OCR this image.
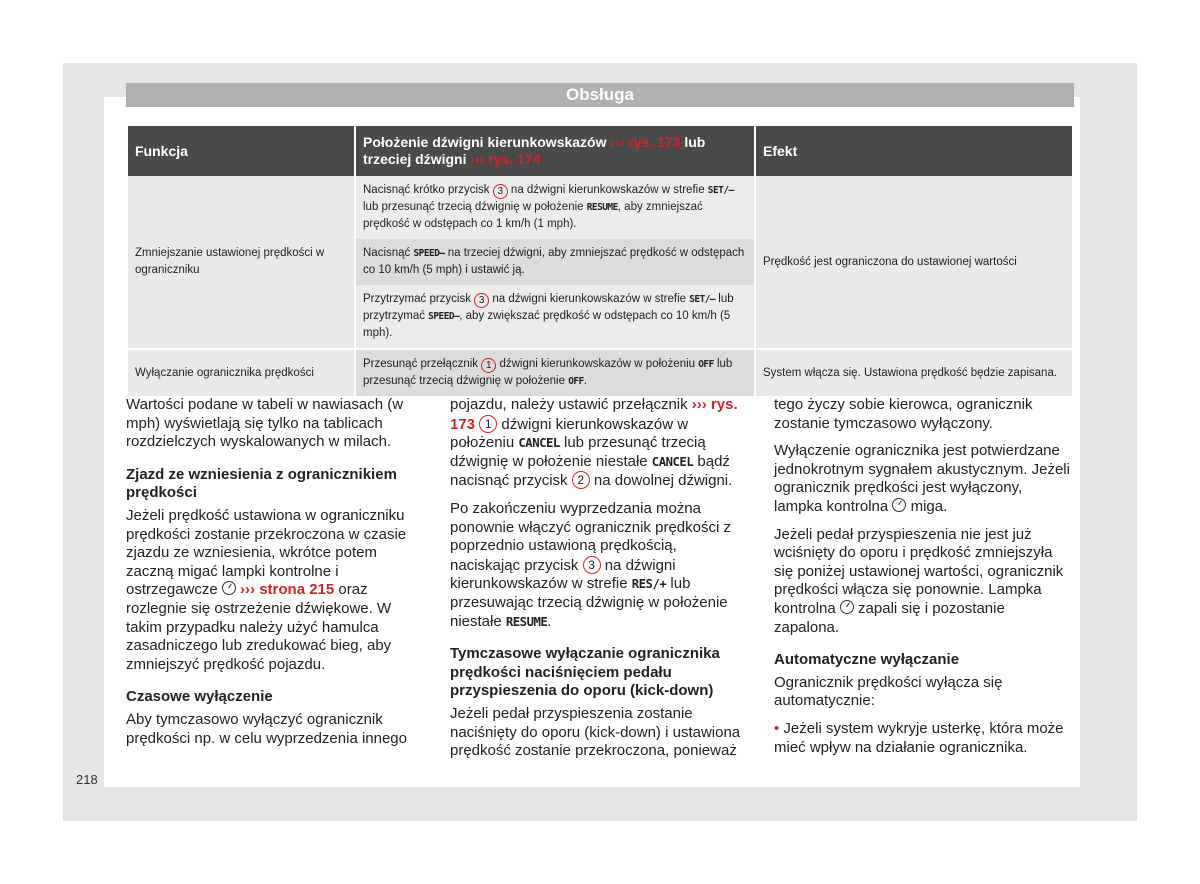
Obsługa
Funkcja	Położenie dźwigni kierunkowskazów ››› rys. 173 lub trzeciej dźwigni ››› rys. 174	Efekt
Zmniejszanie ustawionej prędkości w ograniczniku	Nacisnąć krótko przycisk 3 na dźwigni kierunkowskazów w strefie SET/– lub przesunąć trzecią dźwignię w położenie RESUME, aby zmniejszać prędkość w odstępach co 1 km/h (1 mph).	Prędkość jest ograniczona do ustawionej wartości
	Nacisnąć SPEED– na trzeciej dźwigni, aby zmniejszać prędkość w odstępach co 10 km/h (5 mph) i ustawić ją.	
	Przytrzymać przycisk 3 na dźwigni kierunkowskazów w strefie SET/– lub przytrzymać SPEED–, aby zwiększać prędkość w odstępach co 10 km/h (5 mph).	
Wyłączanie ogranicznika prędkości	Przesunąć przełącznik 1 dźwigni kierunkowskazów w położeniu OFF lub przesunąć trzecią dźwignię w położenie OFF.	System włącza się. Ustawiona prędkość będzie zapisana.

Wartości podane w tabeli w nawiasach (w mph) wyświetlają się tylko na tablicach rozdzielczych wyskalowanych w milach.

Zjazd ze wzniesienia z ogranicznikiem prędkości

Jeżeli prędkość ustawiona w ograniczniku prędkości zostanie przekroczona w czasie zjazdu ze wzniesienia, wkrótce potem zaczną migać lampki kontrolne i ostrzegawcze  ››› strona 215 oraz rozlegnie się ostrzeżenie dźwiękowe. W takim przypadku należy użyć hamulca zasadniczego lub zredukować bieg, aby zmniejszyć prędkość pojazdu.

Czasowe wyłączenie

Aby tymczasowo wyłączyć ogranicznik prędkości np. w celu wyprzedzenia innego

pojazdu, należy ustawić przełącznik ››› rys. 173 1 dźwigni kierunkowskazów w położeniu CANCEL lub przesunąć trzecią dźwignię w położenie niestałe CANCEL bądź nacisnąć przycisk 2 na dowolnej dźwigni.

Po zakończeniu wyprzedzania można ponownie włączyć ogranicznik prędkości z poprzednio ustawioną prędkością, naciskając przycisk 3 na dźwigni kierunkowskazów w strefie RES/+ lub przesuwając trzecią dźwignię w położenie niestałe RESUME.

Tymczasowe wyłączanie ogranicznika prędkości naciśnięciem pedału przyspieszenia do oporu (kick-down)

Jeżeli pedał przyspieszenia zostanie naciśnięty do oporu (kick-down) i ustawiona prędkość zostanie przekroczona, ponieważ

tego życzy sobie kierowca, ogranicznik zostanie tymczasowo wyłączony.

Wyłączenie ogranicznika jest potwierdzane jednokrotnym sygnałem akustycznym. Jeżeli ogranicznik prędkości jest wyłączony, lampka kontrolna  miga.

Jeżeli pedał przyspieszenia nie jest już wciśnięty do oporu i prędkość zmniejszyła się poniżej ustawionej wartości, ogranicznik prędkości włącza się ponownie. Lampka kontrolna  zapali się i pozostanie zapalona.

Automatyczne wyłączanie

Ogranicznik prędkości wyłącza się automatycznie:

• Jeżeli system wykryje usterkę, która może mieć wpływ na działanie ogranicznika.

218
